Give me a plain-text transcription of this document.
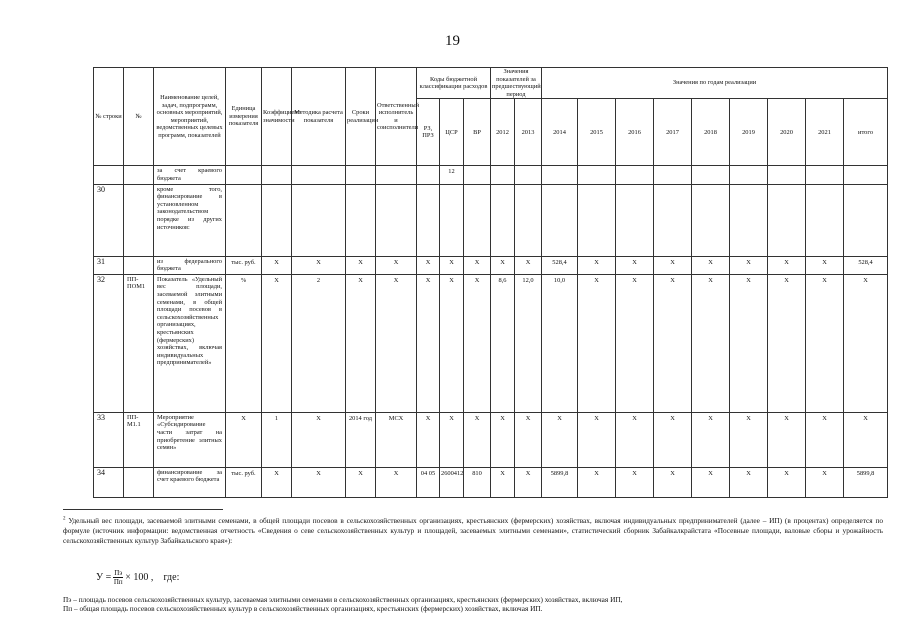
19
№ строки	№	Наименование целей, задач, подпрограмм, основных мероприятий, мероприятий, ведомственных целевых программ, показателей	Единица измерения показателя	Коэффициент значимости	Методика расчета показателя	Сроки реализации	Ответственный исполнитель и соисполнители	Коды бюджетной классификации расходов			Значения показателей за предшествующий период		Значения по годам реализации								
								РЗ, ПРЗ	ЦСР	ВР	2012	2013	2014	2015	2016	2017	2018	2019	2020	2021	итого
		за счет краевого бюджета							12												
30		кроме того, финансирование в установленном законодательством порядке из других источников:																			
31		из федерального бюджета	тыс. руб.	Х	Х	Х	Х	Х	Х	Х	Х	Х	528,4	Х	Х	Х	Х	Х	Х	Х	528,4
32	ПП-ПОМ1	Показатель «Удельный вес площади, засеваемой элитными семенами, в общей площади посевов в сельскохозяйственных организациях, крестьянских (фермерских) хозяйствах, включая индивидуальных предпринимателей»	%	Х	2	Х	Х	Х	Х	Х	8,6	12,0	10,0	Х	Х	Х	Х	Х	Х	Х	Х
33	ПП-М1.1	Мероприятие «Субсидирование части затрат на приобретение элитных семян»	Х	1	Х	2014 год	МСХ	Х	Х	Х	Х	Х	Х	Х	Х	Х	Х	Х	Х	Х	Х
34		финансирование за счет краевого бюджета	тыс. руб.	Х	Х	Х	Х	04 05	2600412	810	Х	Х	5899,8	Х	Х	Х	Х	Х	Х	Х	5899,8
$^2$ Удельный вес площади, засеваемой элитными семенами, в общей площади посевов в сельскохозяйственных организациях, крестьянских (фермерских) хозяйствах, включая индивидуальных предпринимателей (далее – ИП) (в процентах) определяется по формуле (источник информации: ведомственная отчетность «Сведения о севе сельскохозяйственных культур и площадей, засеваемых элитными семенами», статистический сборник Забайкалкрайстата «Посевные площади, валовые сборы и урожайность сельскохозяйственных культур Забайкальского края»):
$У = \frac{Пэ}{Пп} \times 100$ , где:
Пэ – площадь посевов сельскохозяйственных культур, засеваемая элитными семенами в сельскохозяйственных организациях, крестьянских (фермерских) хозяйствах, включая ИП,
Пп – общая площадь посевов сельскохозяйственных культур в сельскохозяйственных организациях, крестьянских (фермерских) хозяйствах, включая ИП.
